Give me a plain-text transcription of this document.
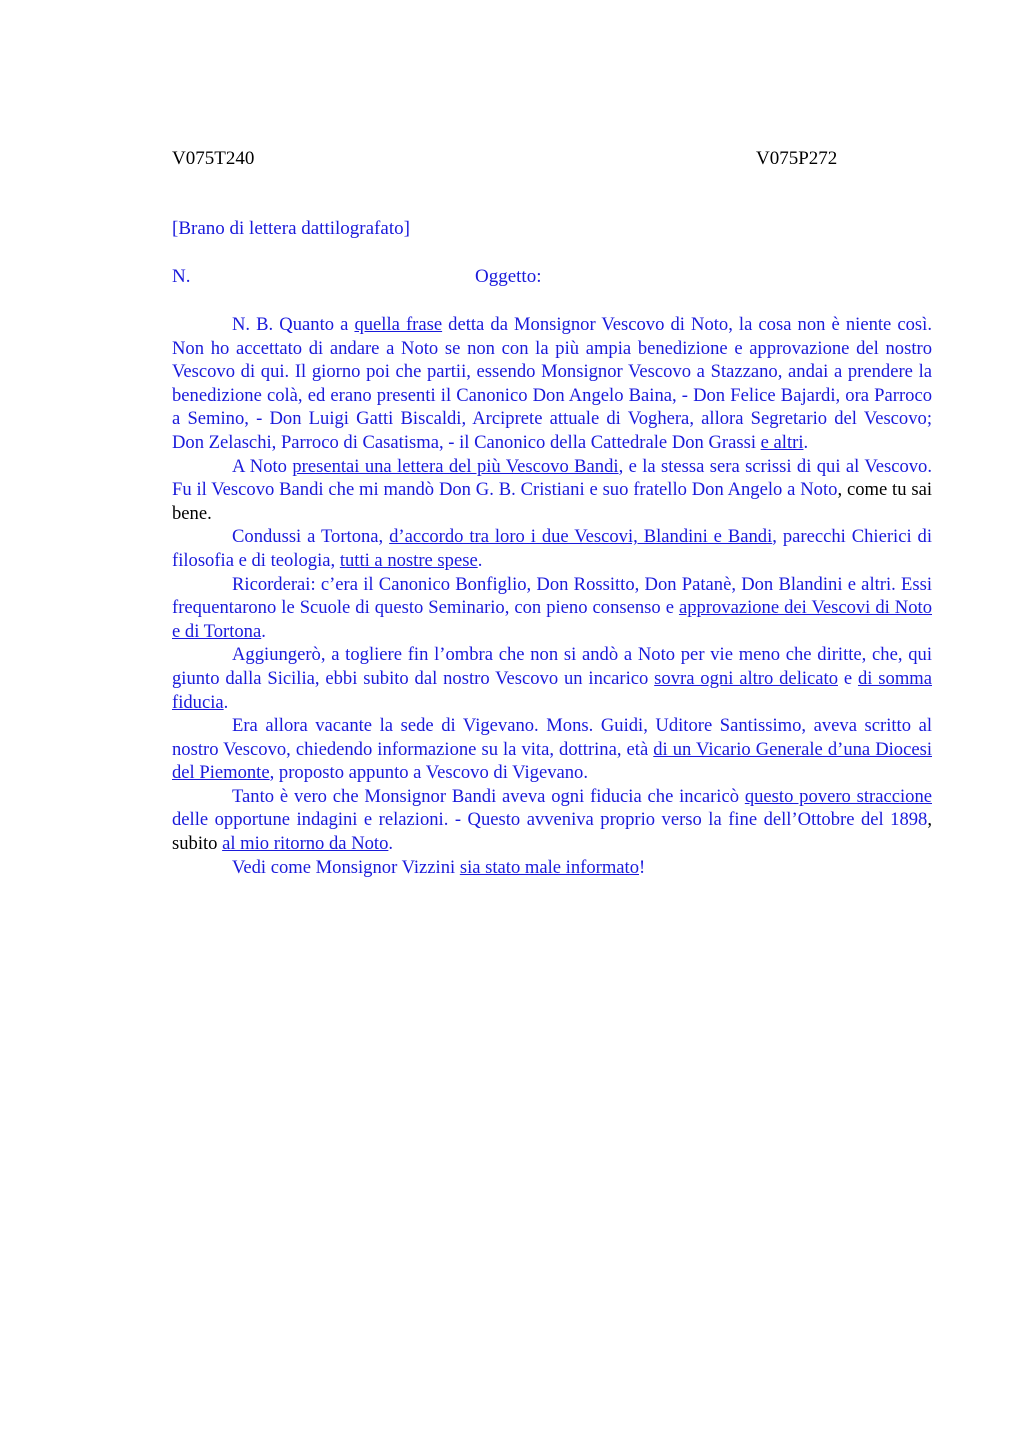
V075T240	V075P272
[Brano di lettera dattilografato]
N.	Oggetto:

N. B. Quanto a quella frase detta da Monsignor Vescovo di Noto, la cosa non è niente così. Non ho accettato di andare a Noto se non con la più ampia benedizione e approvazione del nostro Vescovo di qui. Il giorno poi che partii, essendo Monsignor Vescovo a Stazzano, andai a prendere la benedizione colà, ed erano presenti il Canonico Don Angelo Baina, - Don Felice Bajardi, ora Parroco a Semino, - Don Luigi Gatti Biscaldi, Arciprete attuale di Voghera, allora Segretario del Vescovo; Don Zelaschi, Parroco di Casatisma, - il Canonico della Cattedrale Don Grassi e altri.

A Noto presentai una lettera del più Vescovo Bandi, e la stessa sera scrissi di qui al Vescovo. Fu il Vescovo Bandi che mi mandò Don G. B. Cristiani e suo fratello Don Angelo a Noto, come tu sai bene.

Condussi a Tortona, d’accordo tra loro i due Vescovi, Blandini e Bandi, parecchi Chierici di filosofia e di teologia, tutti a nostre spese.

Ricorderai: c’era il Canonico Bonfiglio, Don Rossitto, Don Patanè, Don Blandini e altri. Essi frequentarono le Scuole di questo Seminario, con pieno consenso e approvazione dei Vescovi di Noto e di Tortona.

Aggiungerò, a togliere fin l’ombra che non si andò a Noto per vie meno che diritte, che, qui giunto dalla Sicilia, ebbi subito dal nostro Vescovo un incarico sovra ogni altro delicato e di somma fiducia.

Era allora vacante la sede di Vigevano. Mons. Guidi, Uditore Santissimo, aveva scritto al nostro Vescovo, chiedendo informazione su la vita, dottrina, età di un Vicario Generale d’una Diocesi del Piemonte, proposto appunto a Vescovo di Vigevano.

Tanto è vero che Monsignor Bandi aveva ogni fiducia che incaricò questo povero straccione delle opportune indagini e relazioni. - Questo avveniva proprio verso la fine dell’Ottobre del 1898, subito al mio ritorno da Noto.

Vedi come Monsignor Vizzini sia stato male informato!
